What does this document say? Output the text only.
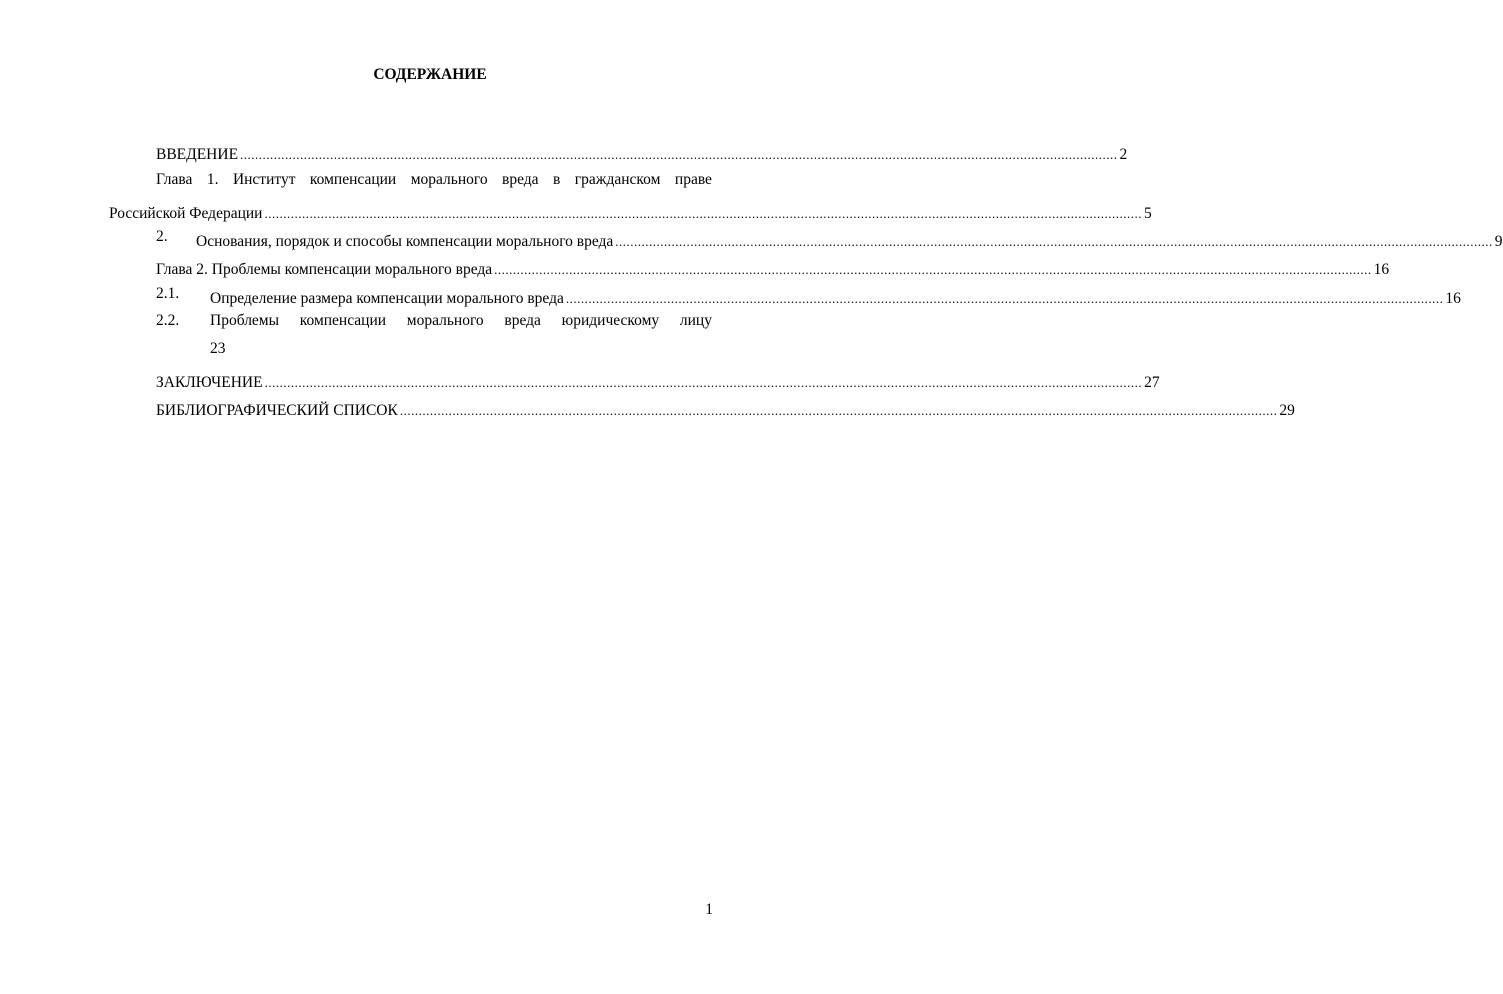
СОДЕРЖАНИЕ
ВВЕДЕНИЕ .......................................................................................................................................................................................................................................... 2
Глава 1. Институт компенсации морального вреда в гражданском праве
Российской Федерации .......................................................................................................................................................................................................................................... 5
2. Основания, порядок и способы компенсации морального вреда .......................................................................................................................................................................................................................................... 9
Глава 2. Проблемы компенсации морального вреда .......................................................................................................................................................................................................................................... 16
2.1. Определение размера компенсации морального вреда .......................................................................................................................................................................................................................................... 16
2.2. Проблемы компенсации морального вреда юридическому лицу
23
ЗАКЛЮЧЕНИЕ .......................................................................................................................................................................................................................................... 27
БИБЛИОГРАФИЧЕСКИЙ СПИСОК .......................................................................................................................................................................................................................................... 29
1
